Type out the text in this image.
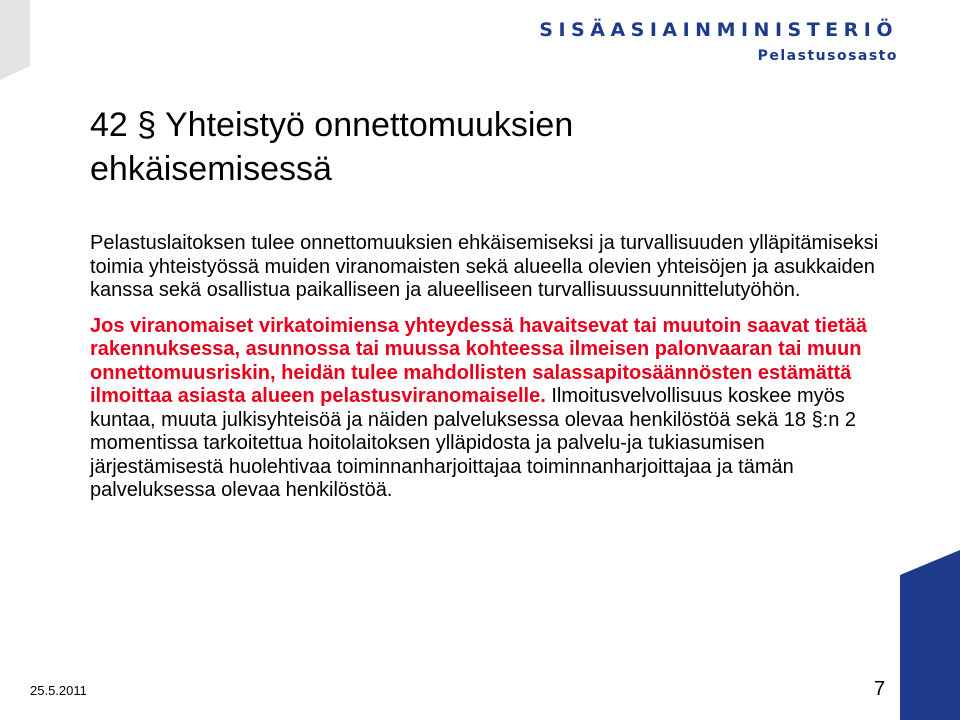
SISÄASIAINMINISTERIÖ
Pelastusosasto
42 § Yhteistyö onnettomuuksien
ehkäisemisessä

Pelastuslaitoksen tulee onnettomuuksien ehkäisemiseksi ja turvallisuuden ylläpitämiseksi toimia yhteistyössä muiden viranomaisten sekä alueella olevien yhteisöjen ja asukkaiden kanssa sekä osallistua paikalliseen ja alueelliseen turvallisuussuunnittelutyöhön.

Jos viranomaiset virkatoimiensa yhteydessä havaitsevat tai muutoin saavat tietää rakennuksessa, asunnossa tai muussa kohteessa ilmeisen palonvaaran tai muun onnettomuusriskin, heidän tulee mahdollisten salassapitosäännösten estämättä ilmoittaa asiasta alueen pelastusviranomaiselle. Ilmoitusvelvollisuus koskee myös kuntaa, muuta julkisyhteisöä ja näiden palveluksessa olevaa henkilöstöä sekä 18 §:n 2 momentissa tarkoitettua hoitolaitoksen ylläpidosta ja palvelu-ja tukiasumisen järjestämisestä huolehtivaa toiminnanharjoittajaa toiminnanharjoittajaa ja tämän palveluksessa olevaa henkilöstöä.

25.5.2011	7
